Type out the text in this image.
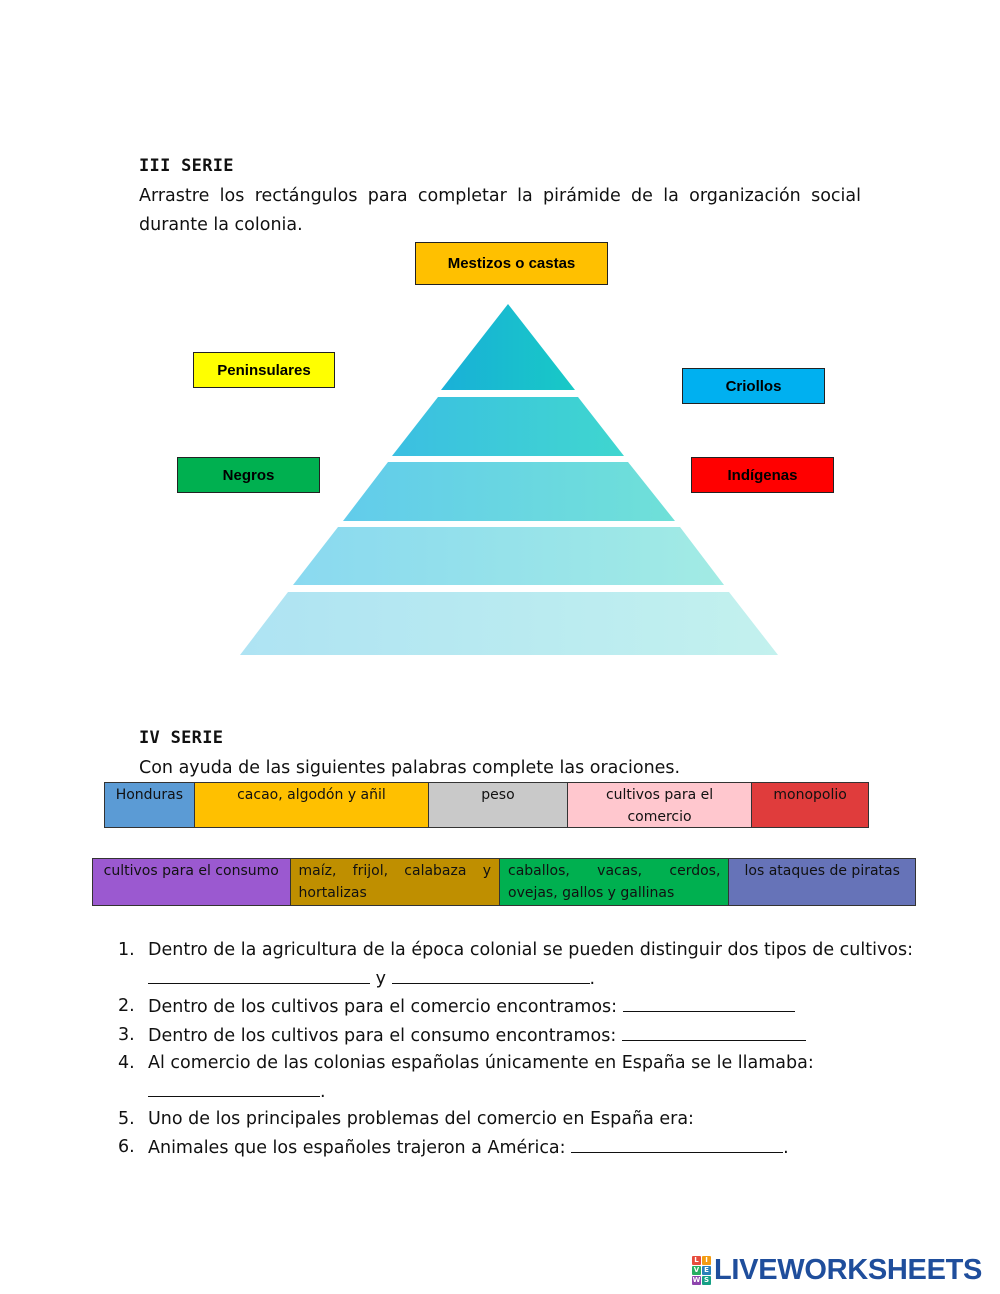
III SERIE
Arrastre los rectángulos para completar la pirámide de la organización social durante la colonia.
Mestizos o castas
Peninsulares
Criollos
Negros	Indígenas
IV SERIE
Con ayuda de las siguientes palabras complete las oraciones.
Honduras	cacao, algodón y añil	peso	cultivos para el comercio
monopolio
cultivos para el consumo	maíz, frijol, calabaza y hortalizas
caballos, vacas, cerdos, ovejas, gallos y gallinas
los ataques de piratas
1. Dentro de la agricultura de la época colonial se pueden distinguir dos tipos de cultivos:
y	.
2. Dentro de los cultivos para el comercio encontramos:
3. Dentro de los cultivos para el consumo encontramos:
4. Al comercio de las colonias españolas únicamente en España se le llamaba:
.
5. Uno de los principales problemas del comercio en España era:
6. Animales que los españoles trajeron a América:	.
L I
V E
W S LIVEWORKSHEETS
